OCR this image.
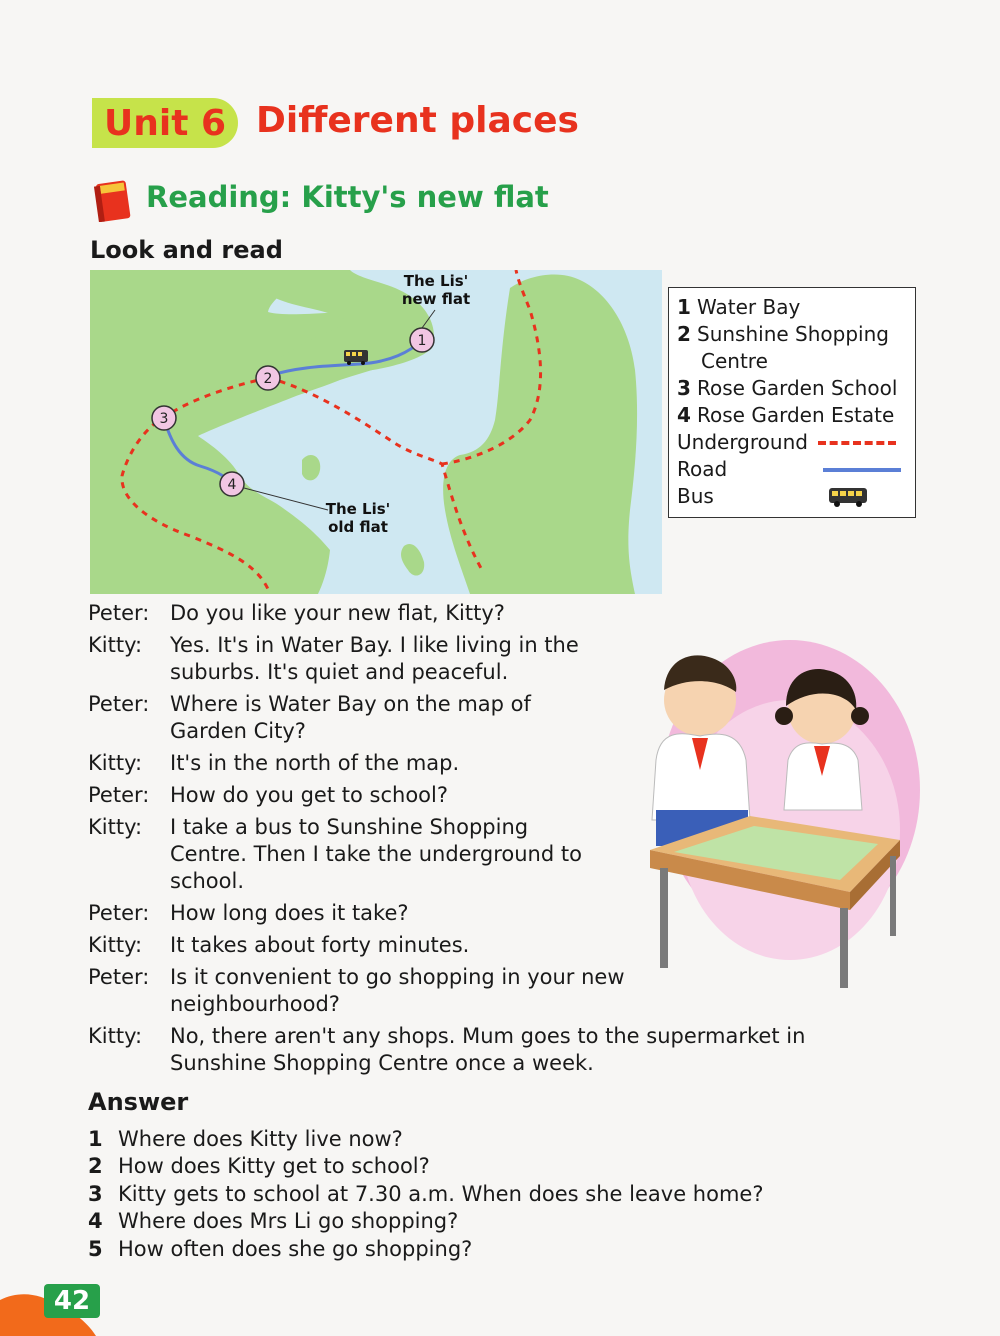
Unit 6 Different places
Reading: Kitty's new flat
Look and read
1
2
3
4
The Lis'
new flat
The Lis'
old flat
1 Water Bay
2 Sunshine Shopping
Centre
3 Rose Garden School
4 Rose Garden Estate
Underground
Road
Bus
Peter: Do you like your new flat, Kitty?
Kitty:	Yes. It's in Water Bay. I like living in the suburbs. It's quiet and peaceful.
Peter: Where is Water Bay on the map of Garden City?
Kitty:	It's in the north of the map.
Peter: How do you get to school?
Kitty:	I take a bus to Sunshine Shopping Centre. Then I take the underground to school.
Peter: How long does it take?
Kitty:	It takes about forty minutes.
Peter: Is it convenient to go shopping in your new neighbourhood?
Kitty:	No, there aren't any shops. Mum goes to the supermarket in Sunshine Shopping Centre once a week.
Answer
1 Where does Kitty live now?
2 How does Kitty get to school?
3 Kitty gets to school at 7.30 a.m. When does she leave home?
4 Where does Mrs Li go shopping?
5 How often does she go shopping?
42
